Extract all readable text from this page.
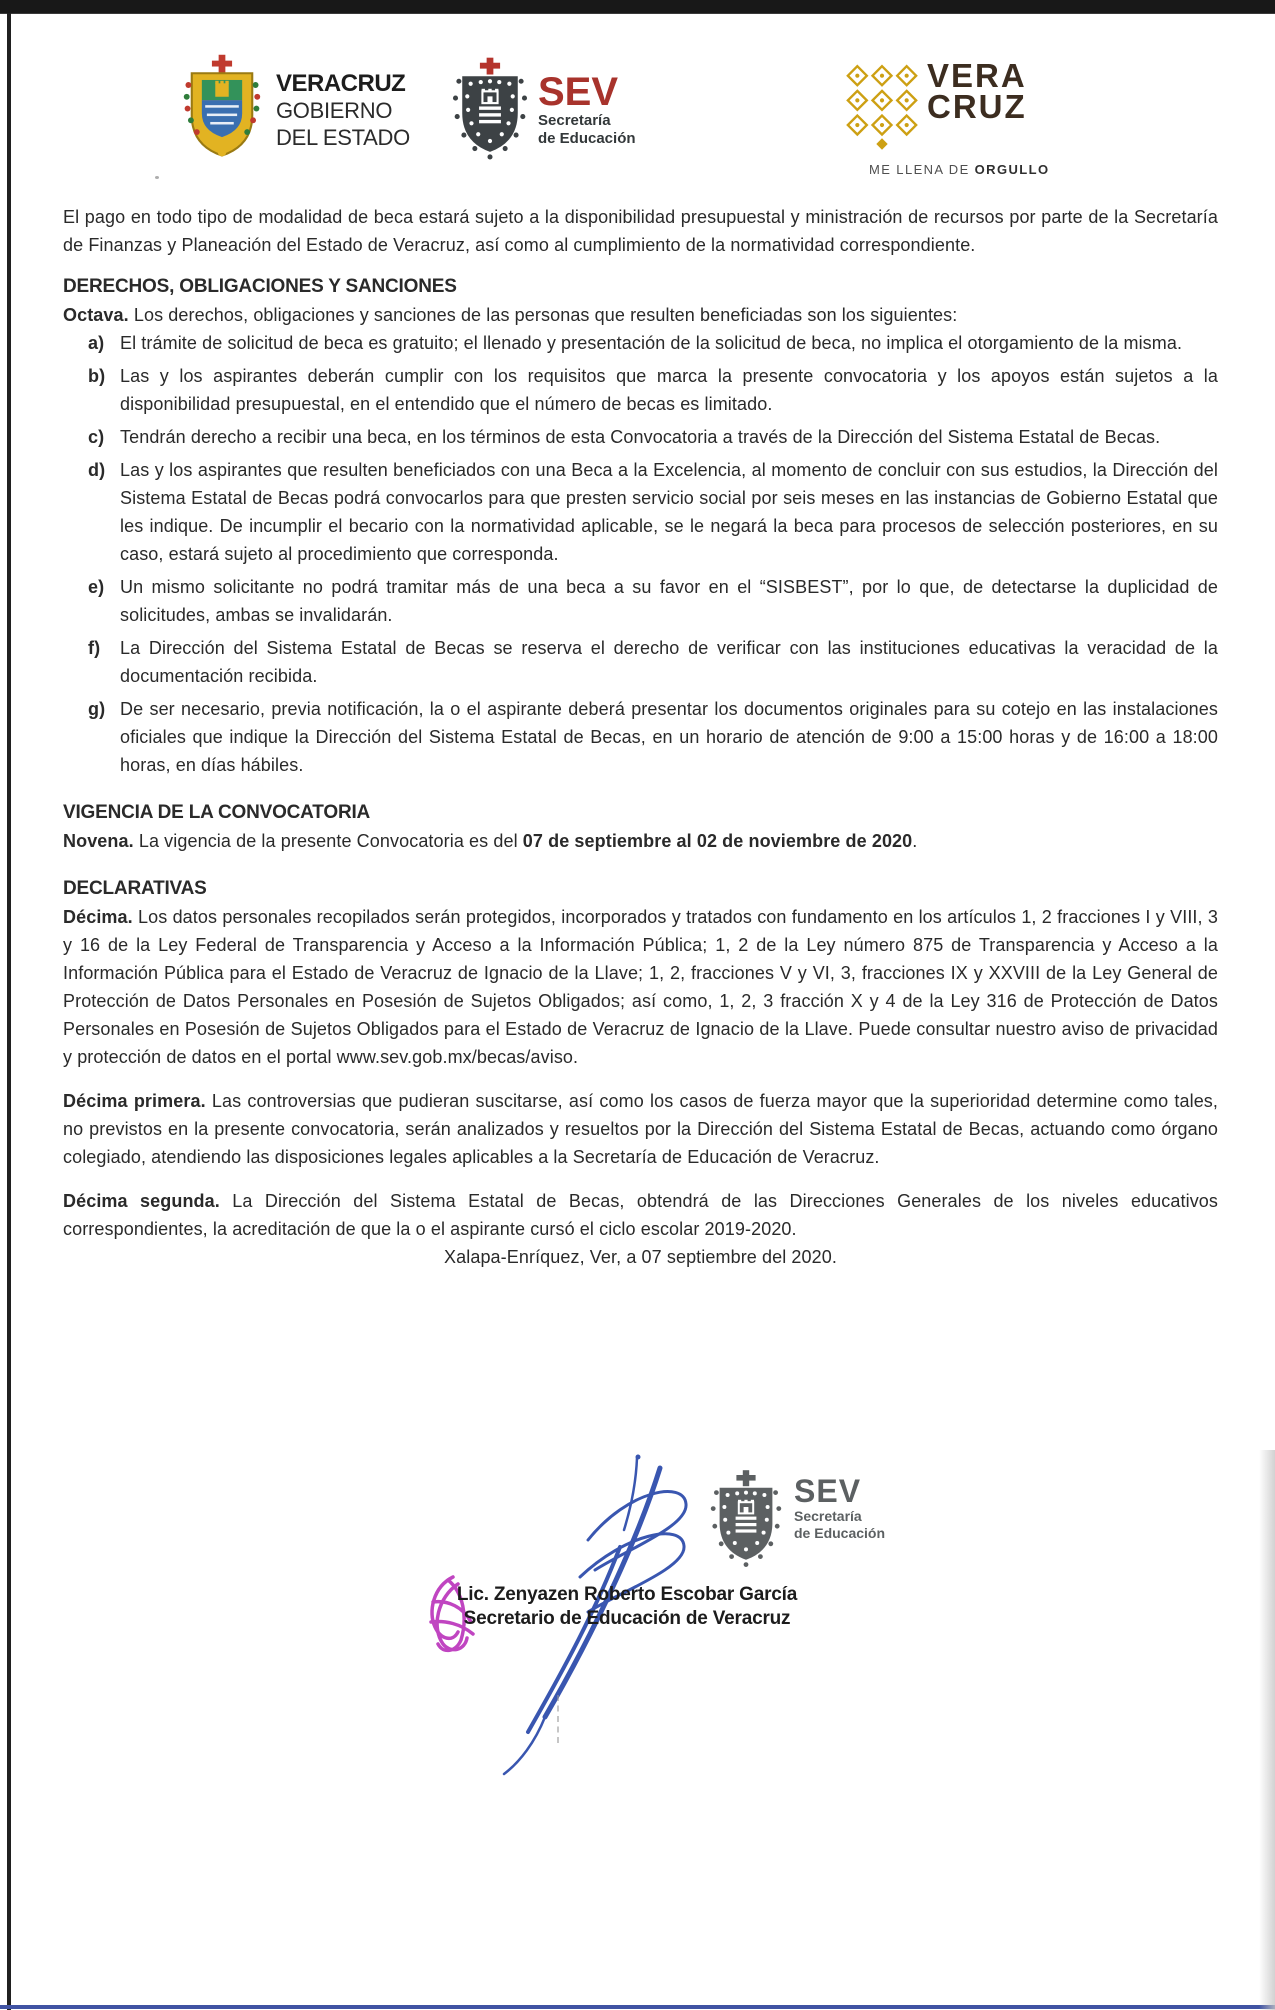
VERACRUZ
GOBIERNO
DEL ESTADO
SEV
Secretaría
de Educación
VERA
CRUZ
ME LLENA DE ORGULLO

El pago en todo tipo de modalidad de beca estará sujeto a la disponibilidad presupuestal y ministración de recursos por parte de la Secretaría de Finanzas y Planeación del Estado de Veracruz, así como al cumplimiento de la normatividad correspondiente.

DERECHOS, OBLIGACIONES Y SANCIONES

Octava. Los derechos, obligaciones y sanciones de las personas que resulten beneficiadas son los siguientes:

a) El trámite de solicitud de beca es gratuito; el llenado y presentación de la solicitud de beca, no implica el otorgamiento de la misma.
b) Las y los aspirantes deberán cumplir con los requisitos que marca la presente convocatoria y los apoyos están sujetos a la disponibilidad presupuestal, en el entendido que el número de becas es limitado.
c) Tendrán derecho a recibir una beca, en los términos de esta Convocatoria a través de la Dirección del Sistema Estatal de Becas.
d) Las y los aspirantes que resulten beneficiados con una Beca a la Excelencia, al momento de concluir con sus estudios, la Dirección del Sistema Estatal de Becas podrá convocarlos para que presten servicio social por seis meses en las instancias de Gobierno Estatal que les indique. De incumplir el becario con la normatividad aplicable, se le negará la beca para procesos de selección posteriores, en su caso, estará sujeto al procedimiento que corresponda.
e) Un mismo solicitante no podrá tramitar más de una beca a su favor en el “SISBEST”, por lo que, de detectarse la duplicidad de solicitudes, ambas se invalidarán.
f) La Dirección del Sistema Estatal de Becas se reserva el derecho de verificar con las instituciones educativas la veracidad de la documentación recibida.
g) De ser necesario, previa notificación, la o el aspirante deberá presentar los documentos originales para su cotejo en las instalaciones oficiales que indique la Dirección del Sistema Estatal de Becas, en un horario de atención de 9:00 a 15:00 horas y de 16:00 a 18:00 horas, en días hábiles.

VIGENCIA DE LA CONVOCATORIA

Novena. La vigencia de la presente Convocatoria es del 07 de septiembre al 02 de noviembre de 2020.

DECLARATIVAS

Décima. Los datos personales recopilados serán protegidos, incorporados y tratados con fundamento en los artículos 1, 2 fracciones I y VIII, 3 y 16 de la Ley Federal de Transparencia y Acceso a la Información Pública; 1, 2 de la Ley número 875 de Transparencia y Acceso a la Información Pública para el Estado de Veracruz de Ignacio de la Llave; 1, 2, fracciones V y VI, 3, fracciones IX y XXVIII de la Ley General de Protección de Datos Personales en Posesión de Sujetos Obligados; así como, 1, 2, 3 fracción X y 4 de la Ley 316 de Protección de Datos Personales en Posesión de Sujetos Obligados para el Estado de Veracruz de Ignacio de la Llave. Puede consultar nuestro aviso de privacidad y protección de datos en el portal www.sev.gob.mx/becas/aviso.

Décima primera. Las controversias que pudieran suscitarse, así como los casos de fuerza mayor que la superioridad determine como tales, no previstos en la presente convocatoria, serán analizados y resueltos por la Dirección del Sistema Estatal de Becas, actuando como órgano colegiado, atendiendo las disposiciones legales aplicables a la Secretaría de Educación de Veracruz.

Décima segunda. La Dirección del Sistema Estatal de Becas, obtendrá de las Direcciones Generales de los niveles educativos correspondientes, la acreditación de que la o el aspirante cursó el ciclo escolar 2019-2020.

Xalapa-Enríquez, Ver, a 07 septiembre del 2020.

SEV
Secretaría
de Educación
Lic. Zenyazen Roberto Escobar García
Secretario de Educación de Veracruz
